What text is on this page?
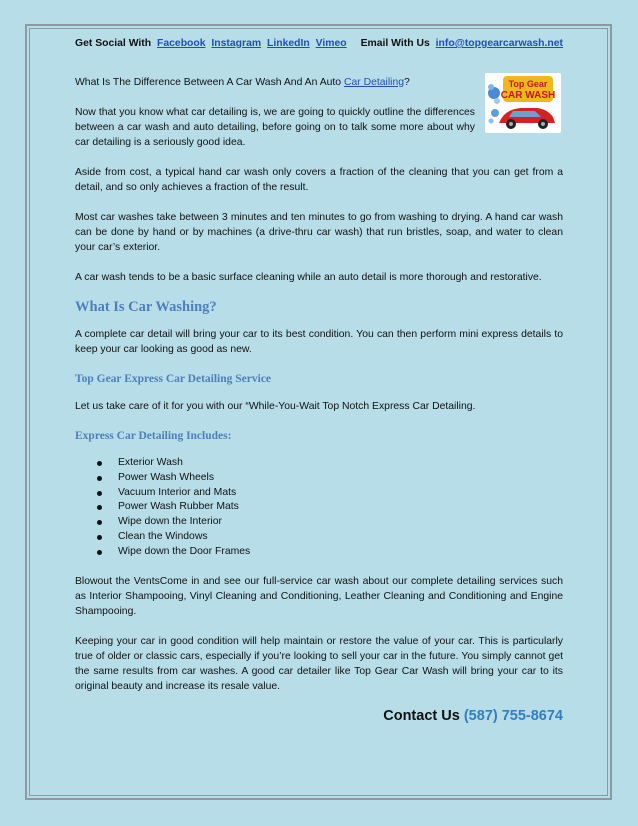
Get Social With Facebook Instagram LinkedIn Vimeo Email With Us info@topgearcarwash.net
Top Gear
CAR WASH

What Is The Difference Between A Car Wash And An Auto Car Detailing?

Now that you know what car detailing is, we are going to quickly outline the differences between a car wash and auto detailing, before going on to talk some more about why car detailing is a seriously good idea.

Aside from cost, a typical hand car wash only covers a fraction of the cleaning that you can get from a detail, and so only achieves a fraction of the result.

Most car washes take between 3 minutes and ten minutes to go from washing to drying. A hand car wash can be done by hand or by machines (a drive-thru car wash) that run bristles, soap, and water to clean your car’s exterior.

A car wash tends to be a basic surface cleaning while an auto detail is more thorough and restorative.

What Is Car Washing?

A complete car detail will bring your car to its best condition. You can then perform mini express details to keep your car looking as good as new.

Top Gear Express Car Detailing Service

Let us take care of it for you with our “While-You-Wait Top Notch Express Car Detailing.

Express Car Detailing Includes:
Exterior Wash
Power Wash Wheels
Vacuum Interior and Mats
Power Wash Rubber Mats
Wipe down the Interior
Clean the Windows
Wipe down the Door Frames

Blowout the VentsCome in and see our full-service car wash about our complete detailing services such as Interior Shampooing, Vinyl Cleaning and Conditioning, Leather Cleaning and Conditioning and Engine Shampooing.

Keeping your car in good condition will help maintain or restore the value of your car. This is particularly true of older or classic cars, especially if you’re looking to sell your car in the future. You simply cannot get the same results from car washes. A good car detailer like Top Gear Car Wash will bring your car to its original beauty and increase its resale value.

Contact Us (587) 755-8674
